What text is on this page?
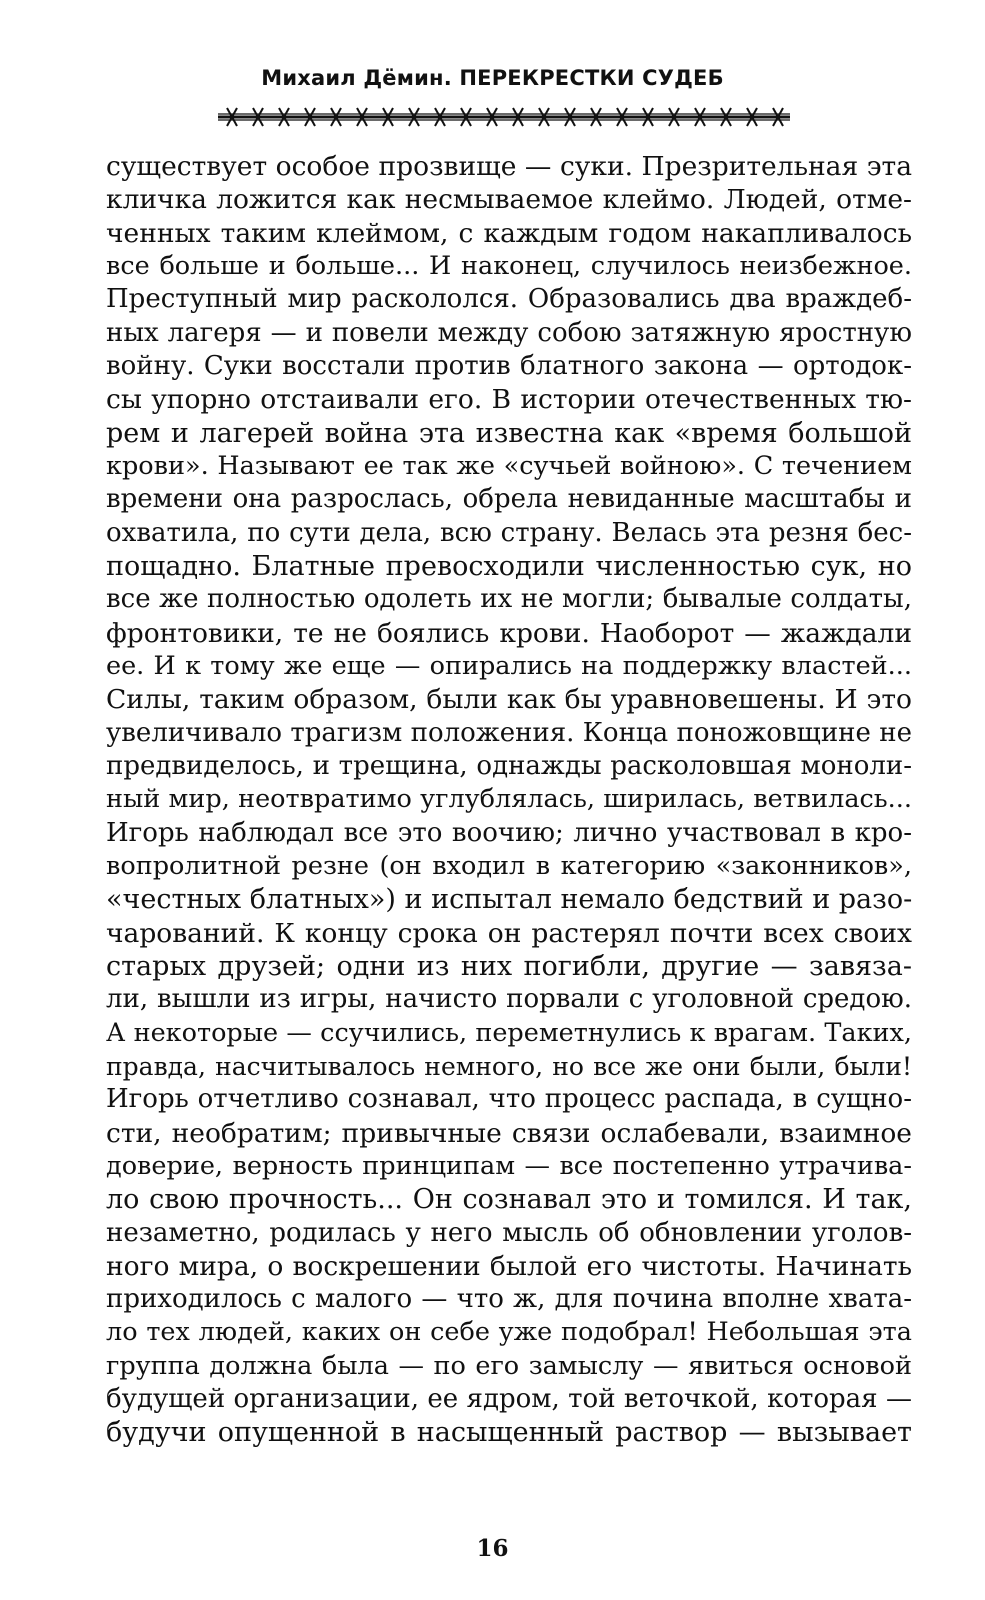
Михаил Дёмин. ПЕРЕКРЕСТКИ СУДЕБ
существует особое прозвище — суки. Презрительная эта
кличка ложится как несмываемое клеймо. Людей, отме-
ченных таким клеймом, с каждым годом накапливалось
все больше и больше... И наконец, случилось неизбежное.
Преступный мир раскололся. Образовались два враждеб-
ных лагеря — и повели между собою затяжную яростную
войну. Суки восстали против блатного закона — ортодок-
сы упорно отстаивали его. В истории отечественных тю-
рем и лагерей война эта известна как «время большой
крови». Называют ее так же «сучьей войною». С течением
времени она разрослась, обрела невиданные масштабы и
охватила, по сути дела, всю страну. Велась эта резня бес-
пощадно. Блатные превосходили численностью сук, но
все же полностью одолеть их не могли; бывалые солдаты,
фронтовики, те не боялись крови. Наоборот — жаждали
ее. И к тому же еще — опирались на поддержку властей...
Силы, таким образом, были как бы уравновешены. И это
увеличивало трагизм положения. Конца поножовщине не
предвиделось, и трещина, однажды расколовшая моноли-
ный мир, неотвратимо углублялась, ширилась, ветвилась...
Игорь наблюдал все это воочию; лично участвовал в кро-
вопролитной резне (он входил в категорию «законников»,
«честных блатных») и испытал немало бедствий и разо-
чарований. К концу срока он растерял почти всех своих
старых друзей; одни из них погибли, другие — завяза-
ли, вышли из игры, начисто порвали с уголовной средою.
А некоторые — ссучились, переметнулись к врагам. Таких,
правда, насчитывалось немного, но все же они были, были!
Игорь отчетливо сознавал, что процесс распада, в сущно-
сти, необратим; привычные связи ослабевали, взаимное
доверие, верность принципам — все постепенно утрачива-
ло свою прочность... Он сознавал это и томился. И так,
незаметно, родилась у него мысль об обновлении уголов-
ного мира, о воскрешении былой его чистоты. Начинать
приходилось с малого — что ж, для почина вполне хвата-
ло тех людей, каких он себе уже подобрал! Небольшая эта
группа должна была — по его замыслу — явиться основой
будущей организации, ее ядром, той веточкой, которая —
будучи опущенной в насыщенный раствор — вызывает
16
